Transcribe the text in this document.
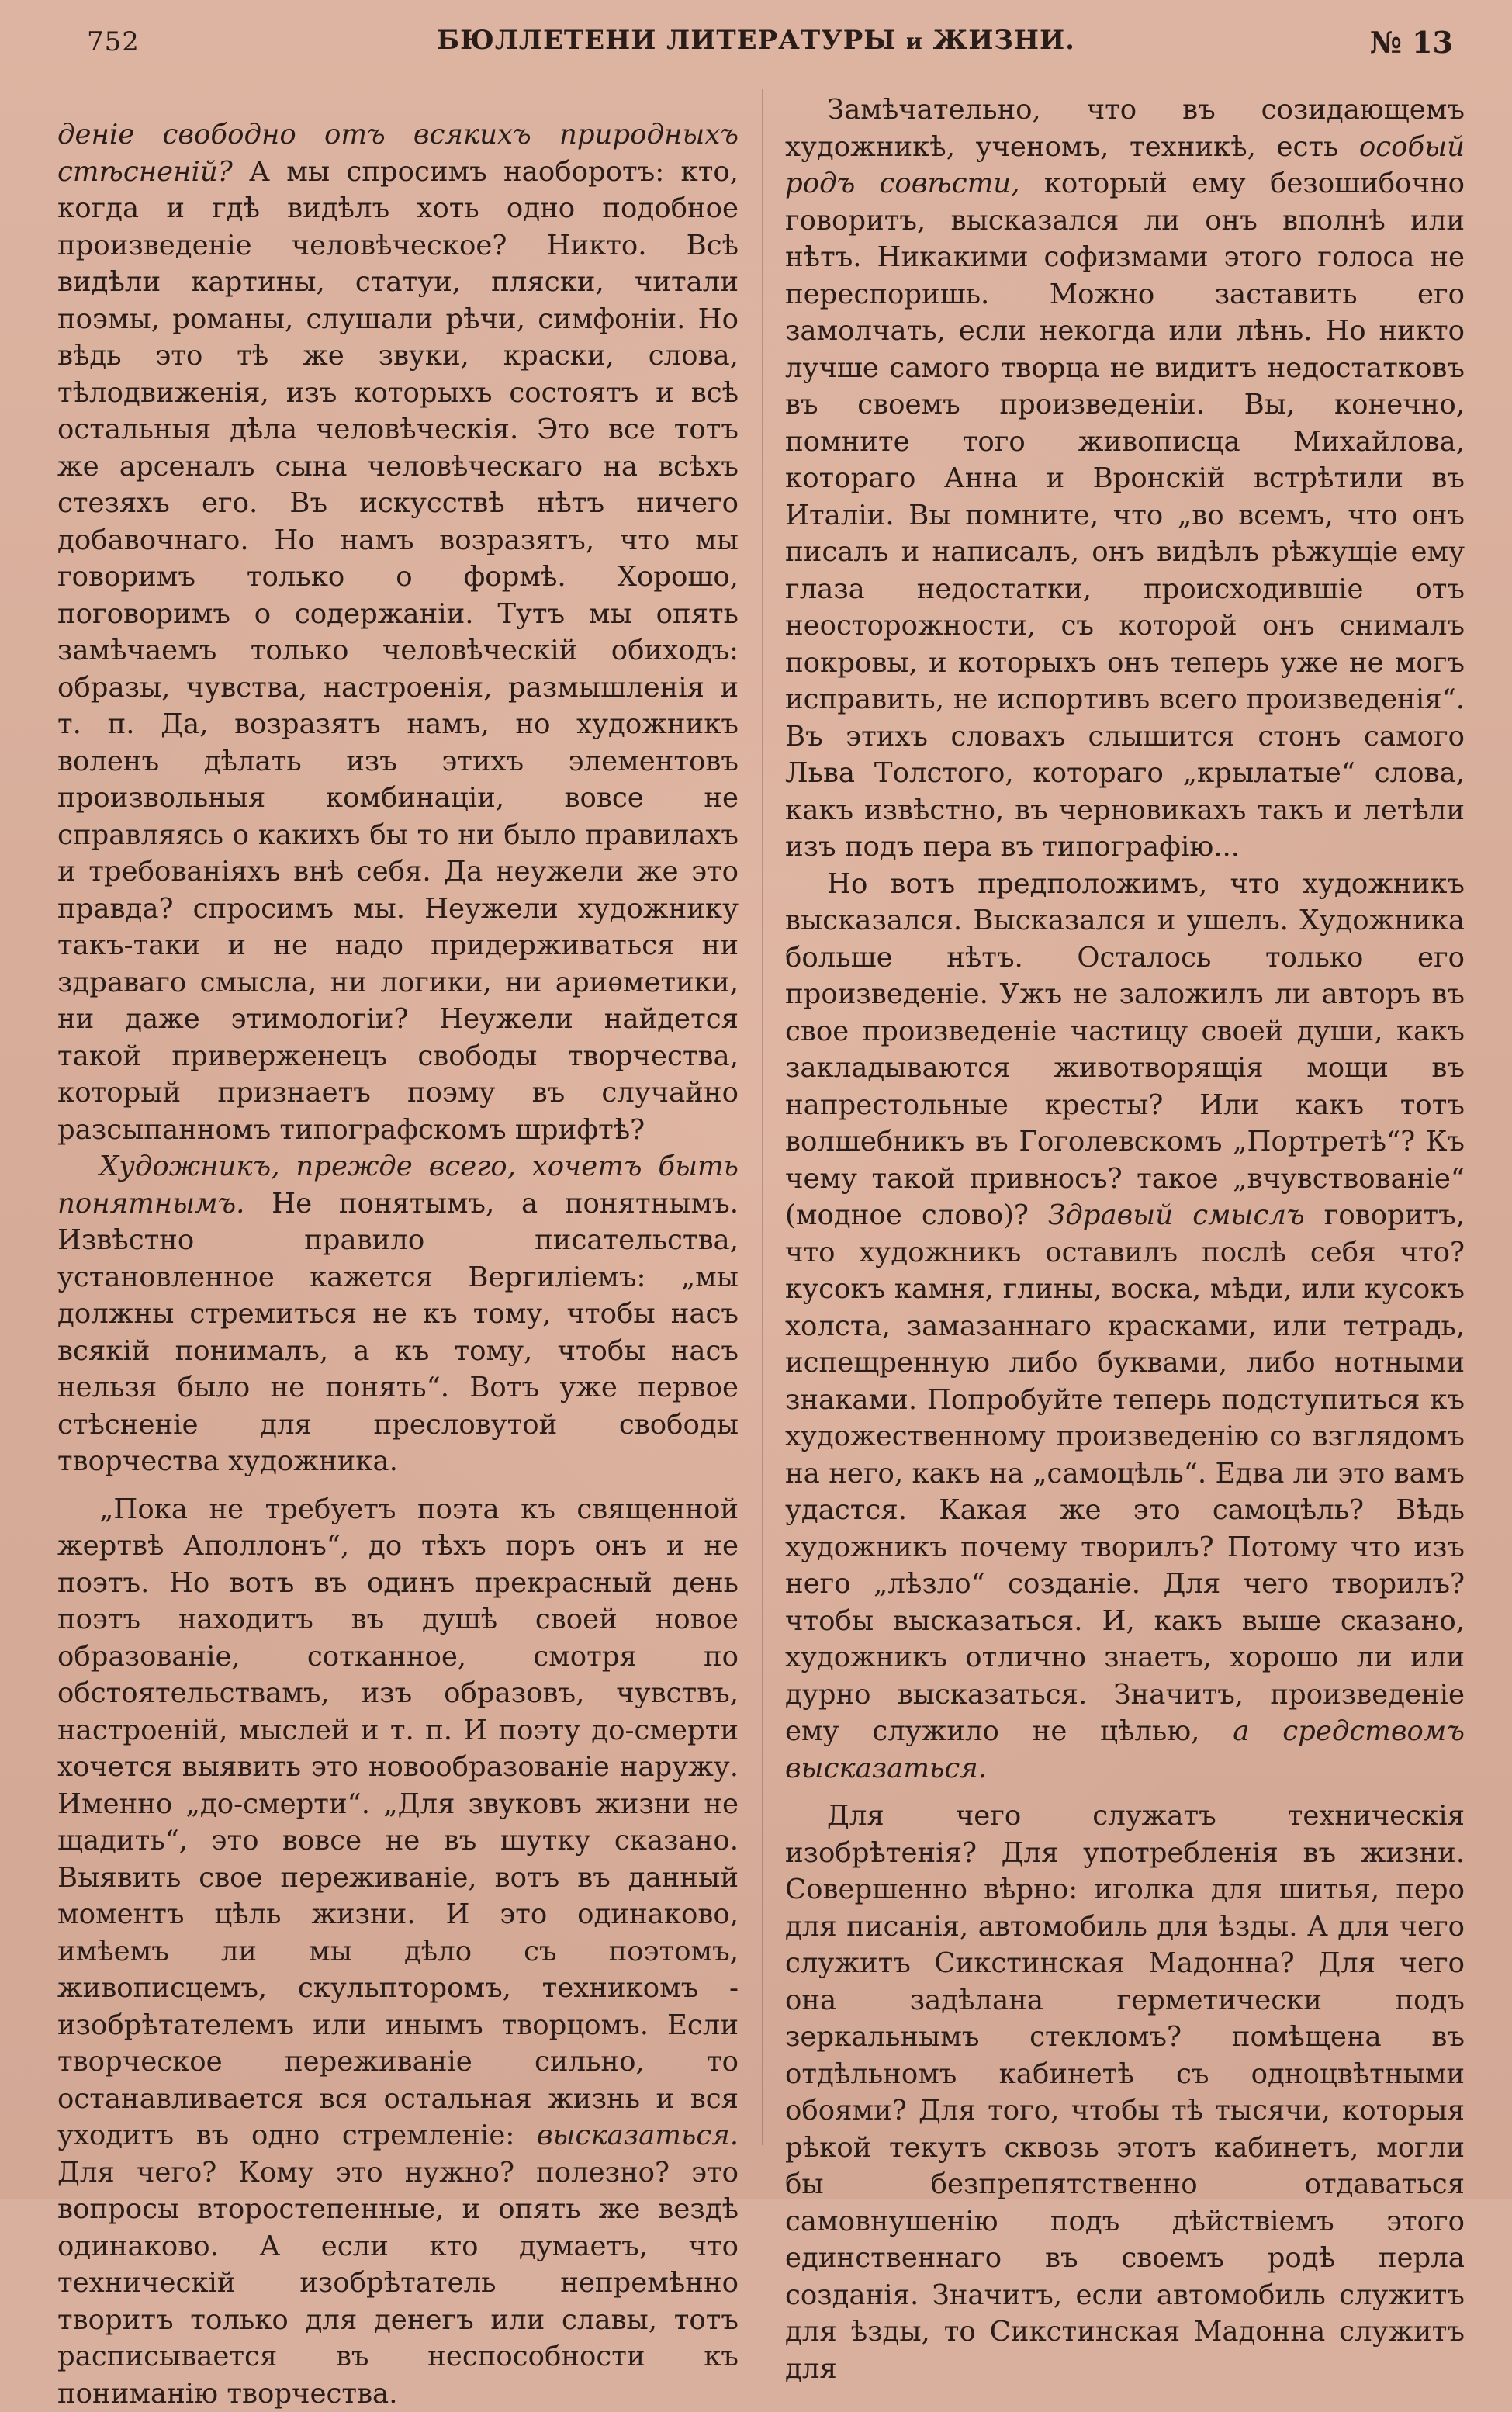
752	БЮЛЛЕТЕНИ ЛИТЕРАТУРЫ и ЖИЗНИ.	№ 13

деніе свободно отъ всякихъ природныхъ стѣсненій? А мы спросимъ наоборотъ: кто, когда и гдѣ видѣлъ хоть одно подобное произведеніе человѣческое? Никто. Всѣ видѣли картины, статуи, пляски, читали поэмы, романы, слушали рѣчи, симфоніи. Но вѣдь это тѣ же звуки, краски, слова, тѣлодвиженія, изъ которыхъ состоятъ и всѣ остальныя дѣла человѣческія. Это все тотъ же арсеналъ сына человѣческаго на всѣхъ стезяхъ его. Въ искусствѣ нѣтъ ничего добавочнаго. Но намъ возразятъ, что мы говоримъ только о формѣ. Хорошо, поговоримъ о содержаніи. Тутъ мы опять замѣчаемъ только человѣческій обиходъ: образы, чувства, настроенія, размышленія и т. п. Да, возразятъ намъ, но художникъ воленъ дѣлать изъ этихъ элементовъ произвольныя комбинаціи, вовсе не справляясь о какихъ бы то ни было правилахъ и требованіяхъ внѣ себя. Да неужели же это правда? спросимъ мы. Неужели художнику такъ-таки и не надо придерживаться ни здраваго смысла, ни логики, ни ариѳметики, ни даже этимологіи? Неужели найдется такой приверженецъ свободы творчества, который признаетъ поэму въ случайно разсыпанномъ типографскомъ шрифтѣ?

Художникъ, прежде всего, хочетъ быть понятнымъ. Не понятымъ, а понятнымъ. Извѣстно правило писательства, установленное кажется Вергиліемъ: „мы должны стремиться не къ тому, чтобы насъ всякій понималъ, а къ тому, чтобы насъ нельзя было не понять“. Вотъ уже первое стѣсненіе для пресловутой свободы творчества художника.

„Пока не требуетъ поэта къ священной жертвѣ Аполлонъ“, до тѣхъ поръ онъ и не поэтъ. Но вотъ въ одинъ прекрасный день поэтъ находитъ въ душѣ своей новое образованіе, сотканное, смотря по обстоятельствамъ, изъ образовъ, чувствъ, настроеній, мыслей и т. п. И поэту до-смерти хочется выявить это новообразованіе наружу. Именно „до-смерти“. „Для звуковъ жизни не щадить“, это вовсе не въ шутку сказано. Выявить свое переживаніе, вотъ въ данный моментъ цѣль жизни. И это одинаково, имѣемъ ли мы дѣло съ поэтомъ, живописцемъ, скульпторомъ, техникомъ - изобрѣтателемъ или инымъ творцомъ. Если творческое переживаніе сильно, то останавливается вся остальная жизнь и вся уходитъ въ одно стремленіе: высказаться. Для чего? Кому это нужно? полезно? это вопросы второстепенные, и опять же вездѣ одинаково. А если кто думаетъ, что техническій изобрѣтатель непремѣнно творитъ только для денегъ или славы, тотъ расписывается въ неспособности къ пониманію творчества.

Замѣчательно, что въ созидающемъ художникѣ, ученомъ, техникѣ, есть особый родъ совѣсти, который ему безошибочно говоритъ, высказался ли онъ вполнѣ или нѣтъ. Никакими софизмами этого голоса не переспоришь. Можно заставить его замолчать, если некогда или лѣнь. Но никто лучше самого творца не видитъ недостатковъ въ своемъ произведеніи. Вы, конечно, помните того живописца Михайлова, котораго Анна и Вронскій встрѣтили въ Италіи. Вы помните, что „во всемъ, что онъ писалъ и написалъ, онъ видѣлъ рѣжущіе ему глаза недостатки, происходившіе отъ неосторожности, съ которой онъ снималъ покровы, и которыхъ онъ теперь уже не могъ исправить, не испортивъ всего произведенія“. Въ этихъ словахъ слышится стонъ самого Льва Толстого, котораго „крылатые“ слова, какъ извѣстно, въ черновикахъ такъ и летѣли изъ подъ пера въ типографію...

Но вотъ предположимъ, что художникъ высказался. Высказался и ушелъ. Художника больше нѣтъ. Осталось только его произведеніе. Ужъ не заложилъ ли авторъ въ свое произведеніе частицу своей души, какъ закладываются животворящія мощи въ напрестольные кресты? Или какъ тотъ волшебникъ въ Гоголевскомъ „Портретѣ“? Къ чему такой привносъ? такое „вчувствованіе“ (модное слово)? Здравый смыслъ говоритъ, что художникъ оставилъ послѣ себя что? кусокъ камня, глины, воска, мѣди, или кусокъ холста, замазаннаго красками, или тетрадь, испещренную либо буквами, либо нотными знаками. Попробуйте теперь подступиться къ художественному произведенію со взглядомъ на него, какъ на „самоцѣль“. Едва ли это вамъ удастся. Какая же это самоцѣль? Вѣдь художникъ почему творилъ? Потому что изъ него „лѣзло“ созданіе. Для чего творилъ? чтобы высказаться. И, какъ выше сказано, художникъ отлично знаетъ, хорошо ли или дурно высказаться. Значитъ, произведеніе ему служило не цѣлью, а средствомъ высказаться.

Для чего служатъ техническія изобрѣтенія? Для употребленія въ жизни. Совершенно вѣрно: иголка для шитья, перо для писанія, автомобиль для ѣзды. А для чего служитъ Сикстинская Мадонна? Для чего она задѣлана герметически подъ зеркальнымъ стекломъ? помѣщена въ отдѣльномъ кабинетѣ съ одноцвѣтными обоями? Для того, чтобы тѣ тысячи, которыя рѣкой текутъ сквозь этотъ кабинетъ, могли бы безпрепятственно отдаваться самовнушенію подъ дѣйствіемъ этого единственнаго въ своемъ родѣ перла созданія. Значитъ, если автомобиль служитъ для ѣзды, то Сикстинская Мадонна служитъ для
